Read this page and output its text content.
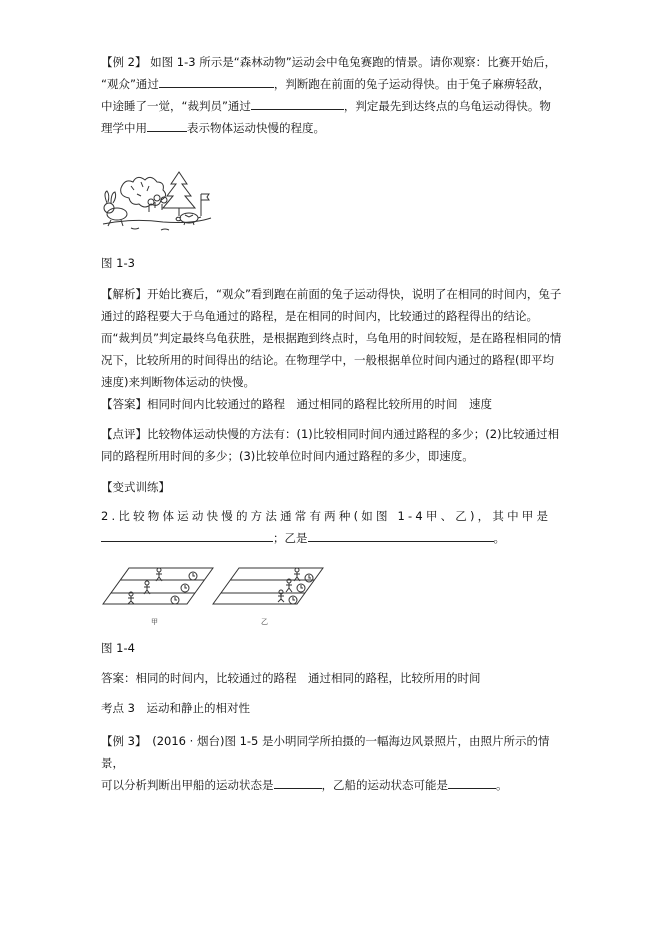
【例 2】 如图 1-3 所示是“森林动物”运动会中龟兔赛跑的情景。请你观察：比赛开始后，
“观众”通过	，判断跑在前面的兔子运动得快。由于兔子麻痹轻敌，
中途睡了一觉，“裁判员”通过	，判定最先到达终点的乌龟运动得快。物
理学中用	表示物体运动快慢的程度。

图 1-3

【解析】开始比赛后，“观众”看到跑在前面的兔子运动得快，说明了在相同的时间内，兔子通过的路程要大于乌龟通过的路程，是在相同的时间内，比较通过的路程得出的结论。而“裁判员”判定最终乌龟获胜，是根据跑到终点时，乌龟用的时间较短，是在路程相同的情况下，比较所用的时间得出的结论。在物理学中，一般根据单位时间内通过的路程(即平均速度)来判断物体运动的快慢。

【答案】相同时间内比较通过的路程　通过相同的路程比较所用的时间　速度

【点评】比较物体运动快慢的方法有：(1)比较相同时间内通过路程的多少；(2)比较通过相同的路程所用时间的多少；(3)比较单位时间内通过路程的多少，即速度。

【变式训练】

2.比较物体运动快慢的方法通常有两种(如图 1-4甲、乙)，其中甲是
；乙是	。

甲	乙
图 1-4

答案：相同的时间内，比较通过的路程　通过相同的路程，比较所用的时间

考点 3　运动和静止的相对性

【例 3】　(2016 · 烟台)图 1-5 是小明同学所拍摄的一幅海边风景照片，由照片所示的情景，
可以分析判断出甲船的运动状态是	，乙船的运动状态可能是	。
